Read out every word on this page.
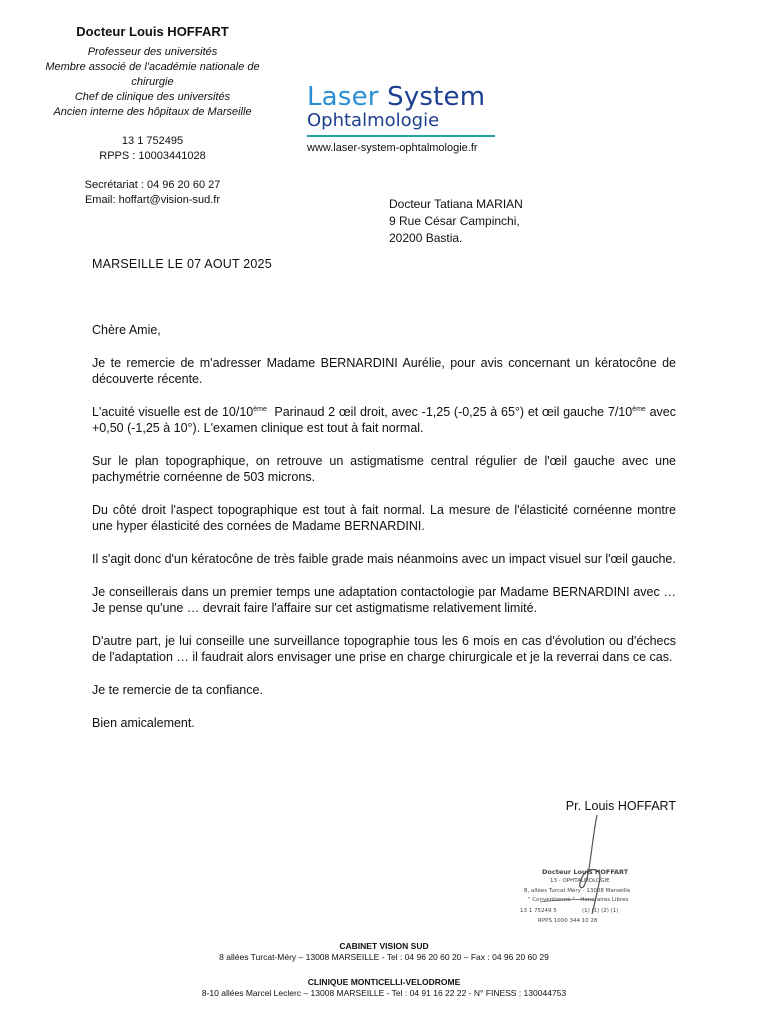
Docteur Louis HOFFART
Professeur des universités
Membre associé de l'académie nationale de
chirurgie
Chef de clinique des universités
Ancien interne des hôpitaux de Marseille
13 1 752495
RPPS : 10003441028
Secrétariat : 04 96 20 60 27
Email: hoffart@vision-sud.fr
Laser System
Ophtalmologie
www.laser-system-ophtalmologie.fr
Docteur Tatiana MARIAN
9 Rue César Campinchi,
20200 Bastia.
MARSEILLE LE 07 AOUT 2025

Chère Amie,

Je te remercie de m'adresser Madame BERNARDINI Aurélie, pour avis concernant un kératocône de découverte récente.

L'acuité visuelle est de 10/10ème  Parinaud 2 œil droit, avec -1,25 (-0,25 à 65°) et œil gauche 7/10ème avec +0,50 (-1,25 à 10°). L'examen clinique est tout à fait normal.

Sur le plan topographique, on retrouve un astigmatisme central régulier de l'œil gauche avec une pachymétrie cornéenne de 503 microns.

Du côté droit l'aspect topographique est tout à fait normal. La mesure de l'élasticité cornéenne montre une hyper élasticité des cornées de Madame BERNARDINI.

Il s'agit donc d'un kératocône de très faible grade mais néanmoins avec un impact visuel sur l'œil gauche.

Je conseillerais dans un premier temps une adaptation contactologie par Madame BERNARDINI avec … Je pense qu'une … devrait faire l'affaire sur cet astigmatisme relativement limité.

D'autre part, je lui conseille une surveillance topographie tous les 6 mois en cas d'évolution ou d'échecs de l'adaptation … il faudrait alors envisager une prise en charge chirurgicale et je la reverrai dans ce cas.

Je te remercie de ta confiance.

Bien amicalement.

Pr. Louis HOFFART
Docteur Louis HOFFART
13 - OPHTALMOLOGIE
8, allées Turcat Méry - 13008 Marseille
" Conventionné " - Honoraires Libres
13 1 75249 5	(1) (1) (2) (1)
RPPS 1000 344 10 28
CABINET VISION SUD
8 allées Turcat-Méry – 13008 MARSEILLE - Tel : 04 96 20 60 20 – Fax : 04 96 20 60 29
CLINIQUE MONTICELLI-VELODROME
8-10 allées Marcel Leclerc – 13008 MARSEILLE - Tel : 04 91 16 22 22 - N° FINESS : 130044753
